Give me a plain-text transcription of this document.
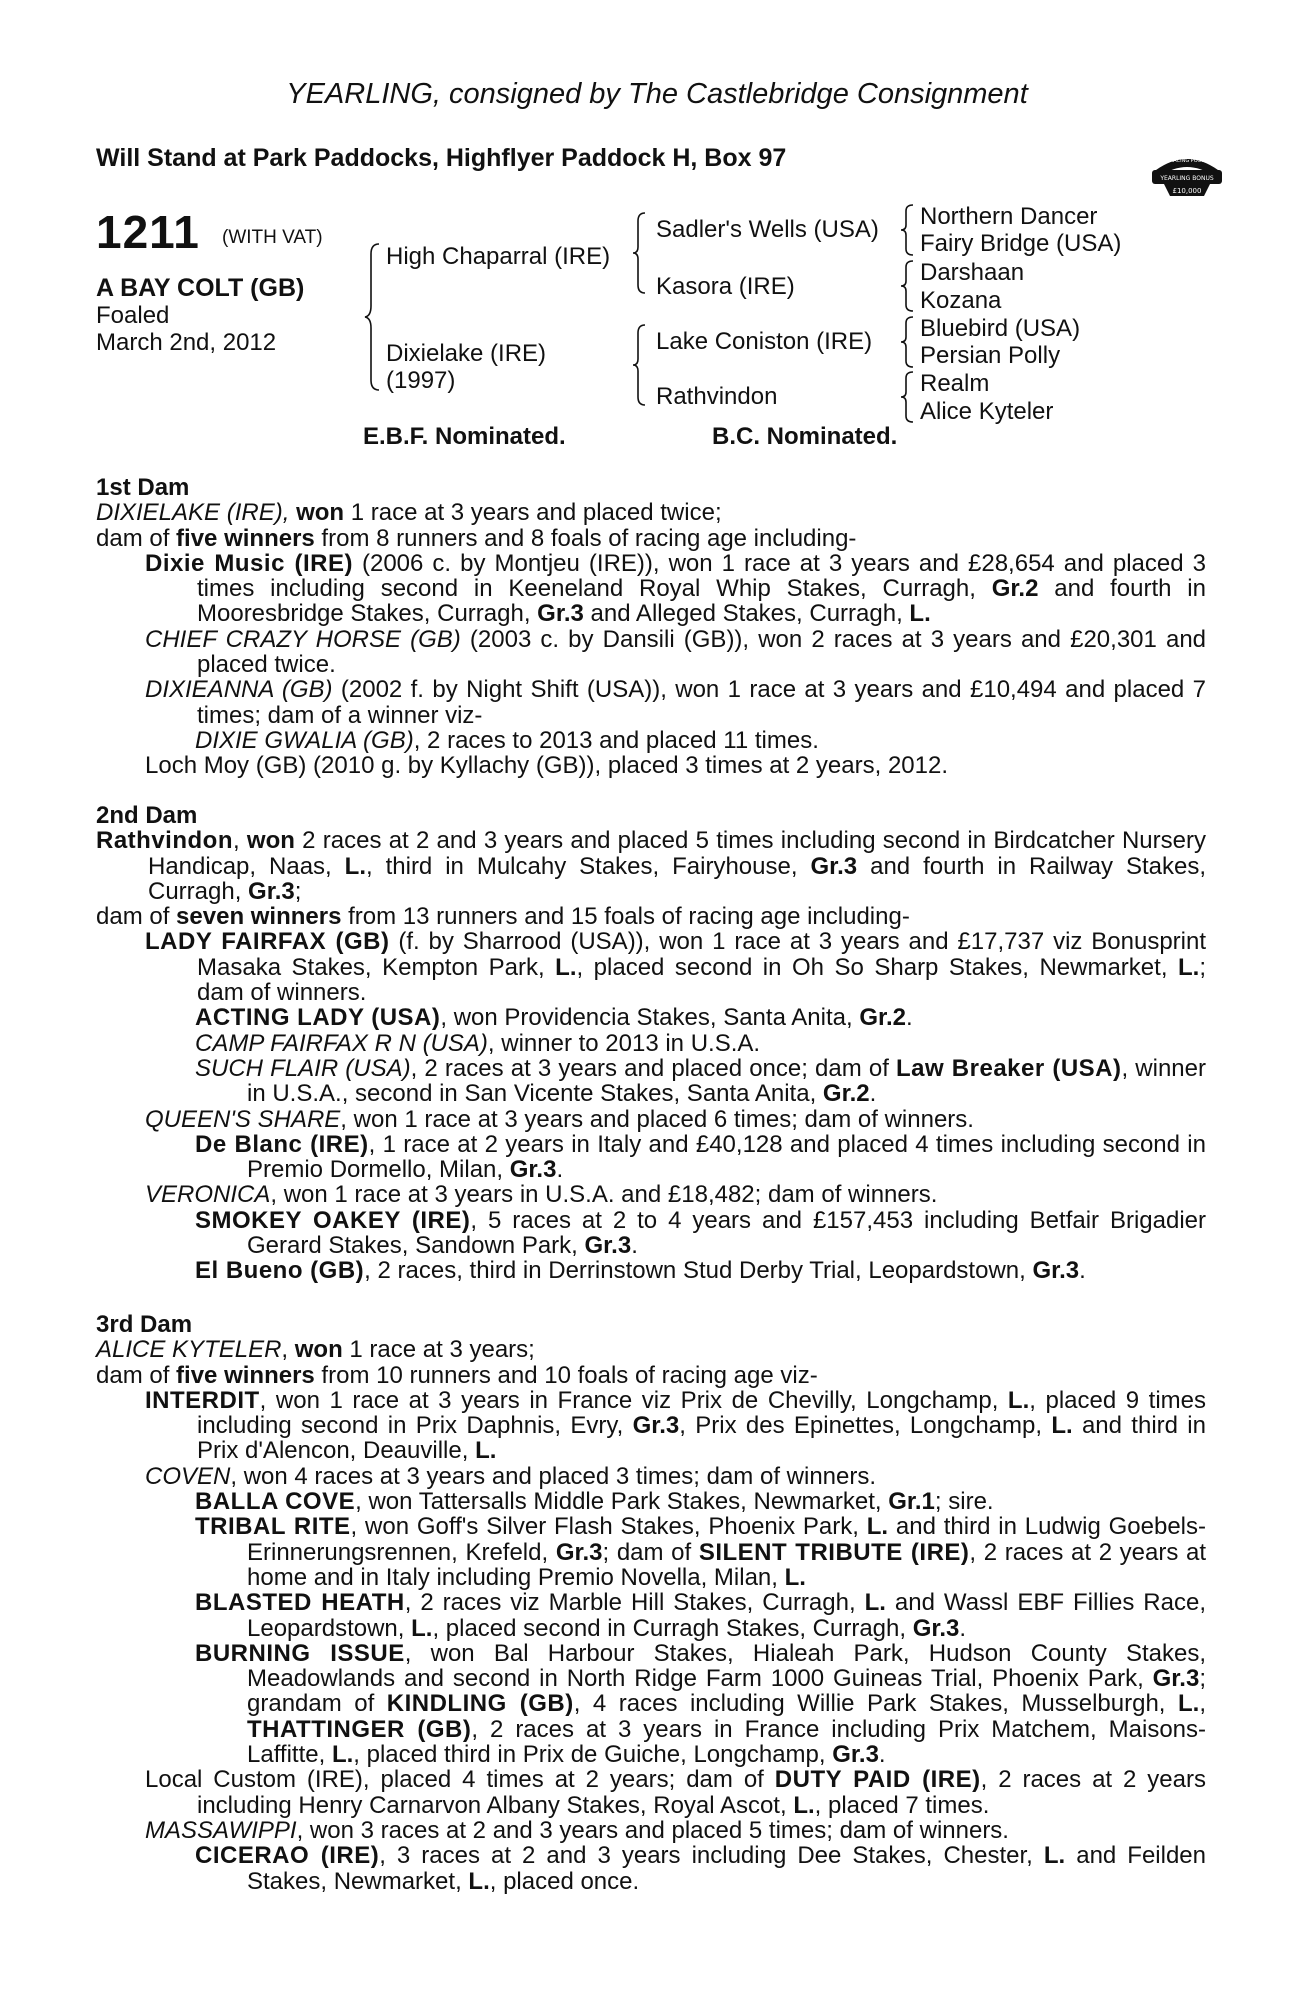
YEARLING, consigned by The Castlebridge Consignment
Will Stand at Park Paddocks, Highflyer Paddock H, Box 97	RACING POST
YEARLING BONUS
£10,000
1211 (WITH VAT)
A BAY COLT (GB)
Foaled
March 2nd, 2012
High Chaparral (IRE)
Dixielake (IRE)
(1997)
Sadler's Wells (USA)
Kasora (IRE)
Lake Coniston (IRE)
Rathvindon
Northern Dancer
Fairy Bridge (USA)
Darshaan
Kozana
Bluebird (USA)
Persian Polly
Realm
Alice Kyteler
E.B.F. Nominated.	B.C. Nominated.

1st Dam

DIXIELAKE (IRE), won 1 race at 3 years and placed twice;

dam of five winners from 8 runners and 8 foals of racing age including-

Dixie Music (IRE) (2006 c. by Montjeu (IRE)), won 1 race at 3 years and £28,654 and placed 3 times including second in Keeneland Royal Whip Stakes, Curragh, Gr.2 and fourth in Mooresbridge Stakes, Curragh, Gr.3 and Alleged Stakes, Curragh, L.

CHIEF CRAZY HORSE (GB) (2003 c. by Dansili (GB)), won 2 races at 3 years and £20,301 and placed twice.

DIXIEANNA (GB) (2002 f. by Night Shift (USA)), won 1 race at 3 years and £10,494 and placed 7 times; dam of a winner viz-

DIXIE GWALIA (GB), 2 races to 2013 and placed 11 times.

Loch Moy (GB) (2010 g. by Kyllachy (GB)), placed 3 times at 2 years, 2012.

2nd Dam

Rathvindon, won 2 races at 2 and 3 years and placed 5 times including second in Birdcatcher Nursery Handicap, Naas, L., third in Mulcahy Stakes, Fairyhouse, Gr.3 and fourth in Railway Stakes, Curragh, Gr.3;

dam of seven winners from 13 runners and 15 foals of racing age including-

LADY FAIRFAX (GB) (f. by Sharrood (USA)), won 1 race at 3 years and £17,737 viz Bonusprint Masaka Stakes, Kempton Park, L., placed second in Oh So Sharp Stakes, Newmarket, L.; dam of winners.

ACTING LADY (USA), won Providencia Stakes, Santa Anita, Gr.2.

CAMP FAIRFAX R N (USA), winner to 2013 in U.S.A.

SUCH FLAIR (USA), 2 races at 3 years and placed once; dam of Law Breaker (USA), winner in U.S.A., second in San Vicente Stakes, Santa Anita, Gr.2.

QUEEN'S SHARE, won 1 race at 3 years and placed 6 times; dam of winners.

De Blanc (IRE), 1 race at 2 years in Italy and £40,128 and placed 4 times including second in Premio Dormello, Milan, Gr.3.

VERONICA, won 1 race at 3 years in U.S.A. and £18,482; dam of winners.

SMOKEY OAKEY (IRE), 5 races at 2 to 4 years and £157,453 including Betfair Brigadier Gerard Stakes, Sandown Park, Gr.3.

El Bueno (GB), 2 races, third in Derrinstown Stud Derby Trial, Leopardstown, Gr.3.

3rd Dam

ALICE KYTELER, won 1 race at 3 years;

dam of five winners from 10 runners and 10 foals of racing age viz-

INTERDIT, won 1 race at 3 years in France viz Prix de Chevilly, Longchamp, L., placed 9 times including second in Prix Daphnis, Evry, Gr.3, Prix des Epinettes, Longchamp, L. and third in Prix d'Alencon, Deauville, L.

COVEN, won 4 races at 3 years and placed 3 times; dam of winners.

BALLA COVE, won Tattersalls Middle Park Stakes, Newmarket, Gr.1; sire.

TRIBAL RITE, won Goff's Silver Flash Stakes, Phoenix Park, L. and third in Ludwig Goebels-Erinnerungsrennen, Krefeld, Gr.3; dam of SILENT TRIBUTE (IRE), 2 races at 2 years at home and in Italy including Premio Novella, Milan, L.

BLASTED HEATH, 2 races viz Marble Hill Stakes, Curragh, L. and Wassl EBF Fillies Race, Leopardstown, L., placed second in Curragh Stakes, Curragh, Gr.3.

BURNING ISSUE, won Bal Harbour Stakes, Hialeah Park, Hudson County Stakes, Meadowlands and second in North Ridge Farm 1000 Guineas Trial, Phoenix Park, Gr.3; grandam of KINDLING (GB), 4 races including Willie Park Stakes, Musselburgh, L., THATTINGER (GB), 2 races at 3 years in France including Prix Matchem, Maisons-Laffitte, L., placed third in Prix de Guiche, Longchamp, Gr.3.

Local Custom (IRE), placed 4 times at 2 years; dam of DUTY PAID (IRE), 2 races at 2 years including Henry Carnarvon Albany Stakes, Royal Ascot, L., placed 7 times.

MASSAWIPPI, won 3 races at 2 and 3 years and placed 5 times; dam of winners.

CICERAO (IRE), 3 races at 2 and 3 years including Dee Stakes, Chester, L. and Feilden Stakes, Newmarket, L., placed once.
